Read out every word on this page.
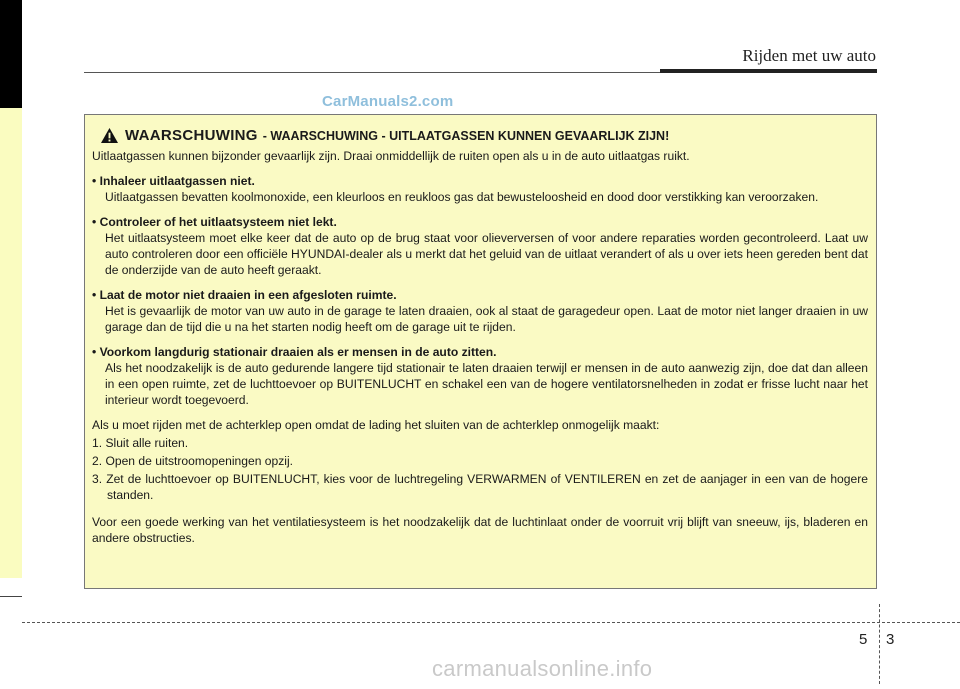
Rijden met uw auto
CarManuals2.com
WAARSCHUWING - WAARSCHUWING - UITLAATGASSEN KUNNEN GEVAARLIJK ZIJN!

Uitlaatgassen kunnen bijzonder gevaarlijk zijn. Draai onmiddellijk de ruiten open als u in de auto uitlaatgas ruikt.

• Inhaleer uitlaatgassen niet.

Uitlaatgassen bevatten koolmonoxide, een kleurloos en reukloos gas dat bewusteloosheid en dood door verstikking kan veroorzaken.

• Controleer of het uitlaatsysteem niet lekt.

Het uitlaatsysteem moet elke keer dat de auto op de brug staat voor olieverversen of voor andere reparaties worden gecontroleerd. Laat uw auto controleren door een officiële HYUNDAI-dealer als u merkt dat het geluid van de uitlaat verandert of als u over iets heen gereden bent dat de onderzijde van de auto heeft geraakt.

• Laat de motor niet draaien in een afgesloten ruimte.

Het is gevaarlijk de motor van uw auto in de garage te laten draaien, ook al staat de garagedeur open. Laat de motor niet langer draaien in uw garage dan de tijd die u na het starten nodig heeft om de garage uit te rijden.

• Voorkom langdurig stationair draaien als er mensen in de auto zitten.

Als het noodzakelijk is de auto gedurende langere tijd stationair te laten draaien terwijl er mensen in de auto aanwezig zijn, doe dat dan alleen in een open ruimte, zet de luchttoevoer op BUITENLUCHT en schakel een van de hogere ventilatorsnelheden in zodat er frisse lucht naar het interieur wordt toegevoerd.

Als u moet rijden met de achterklep open omdat de lading het sluiten van de achterklep onmogelijk maakt:

1. Sluit alle ruiten.

2. Open de uitstroomopeningen opzij.

3. Zet de luchttoevoer op BUITENLUCHT, kies voor de luchtregeling VERWARMEN of VENTILEREN en zet de aanjager in een van de hogere standen.

Voor een goede werking van het ventilatiesysteem is het noodzakelijk dat de luchtinlaat onder de voorruit vrij blijft van sneeuw, ijs, bladeren en andere obstructies.

5 3
carmanualsonline.info
